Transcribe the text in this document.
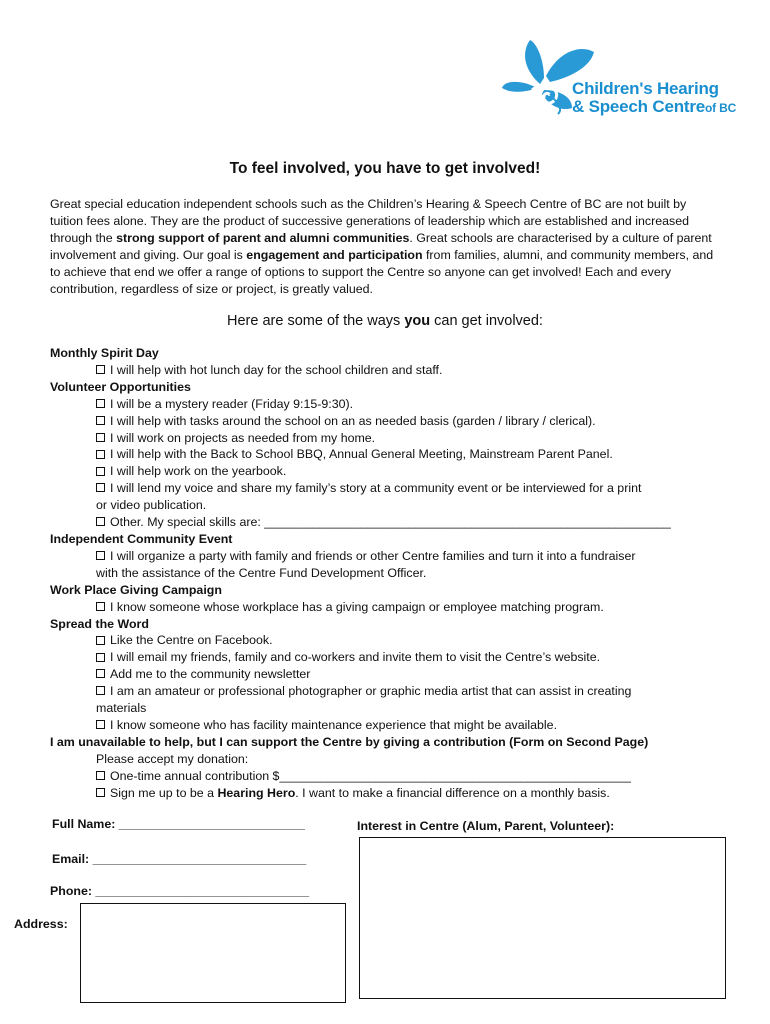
Children's Hearing
& Speech Centreof BC
To feel involved, you have to get involved!

Great special education independent schools such as the Children’s Hearing & Speech Centre of BC are not built by tuition fees alone. They are the product of successive generations of leadership which are established and increased through the strong support of parent and alumni communities. Great schools are characterised by a culture of parent involvement and giving. Our goal is engagement and participation from families, alumni, and community members, and to achieve that end we offer a range of options to support the Centre so anyone can get involved! Each and every contribution, regardless of size or project, is greatly valued.

Here are some of the ways you can get involved:
Monthly Spirit Day
I will help with hot lunch day for the school children and staff.
Volunteer Opportunities
I will be a mystery reader (Friday 9:15-9:30).
I will help with tasks around the school on an as needed basis (garden / library / clerical).
I will work on projects as needed from my home.
I will help with the Back to School BBQ, Annual General Meeting, Mainstream Parent Panel.
I will help work on the yearbook.
I will lend my voice and share my family’s story at a community event or be interviewed for a print
or video publication.
Other. My special skills are: ___________________________________________________________
Independent Community Event
I will organize a party with family and friends or other Centre families and turn it into a fundraiser
with the assistance of the Centre Fund Development Officer.
Work Place Giving Campaign
I know someone whose workplace has a giving campaign or employee matching program.
Spread the Word
Like the Centre on Facebook.
I will email my friends, family and co-workers and invite them to visit the Centre’s website.
Add me to the community newsletter
I am an amateur or professional photographer or graphic media artist that can assist in creating
materials
I know someone who has facility maintenance experience that might be available.
I am unavailable to help, but I can support the Centre by giving a contribution (Form on Second Page)
Please accept my donation:
One-time annual contribution $___________________________________________________
Sign me up to be a Hearing Hero. I want to make a financial difference on a monthly basis.
Full Name: ___________________________
Email: _______________________________
Phone: _______________________________
Address:
Interest in Centre (Alum, Parent, Volunteer):
